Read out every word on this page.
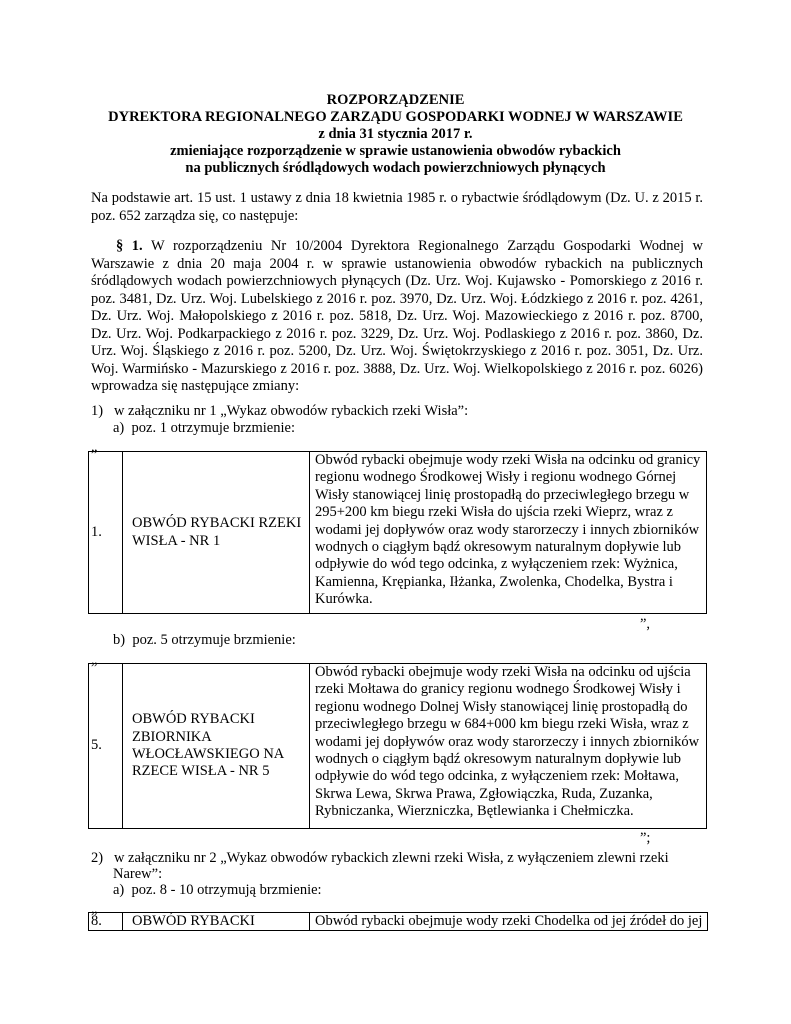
ROZPORZĄDZENIE
DYREKTORA REGIONALNEGO ZARZĄDU GOSPODARKI WODNEJ W WARSZAWIE
z dnia 31 stycznia 2017 r.
zmieniające rozporządzenie w sprawie ustanowienia obwodów rybackich
na publicznych śródlądowych wodach powierzchniowych płynących
Na podstawie art. 15 ust. 1 ustawy z dnia 18 kwietnia 1985 r. o rybactwie śródlądowym (Dz. U. z 2015 r. poz. 652 zarządza się, co następuje:
§ 1. W rozporządzeniu Nr 10/2004 Dyrektora Regionalnego Zarządu Gospodarki Wodnej w Warszawie z dnia 20 maja 2004 r. w sprawie ustanowienia obwodów rybackich na publicznych śródlądowych wodach powierzchniowych płynących (Dz. Urz. Woj. Kujawsko - Pomorskiego z 2016 r. poz. 3481, Dz. Urz. Woj. Lubelskiego z 2016 r. poz. 3970, Dz. Urz. Woj. Łódzkiego z 2016 r. poz. 4261, Dz. Urz. Woj. Małopolskiego z 2016 r. poz. 5818, Dz. Urz. Woj. Mazowieckiego z 2016 r. poz. 8700, Dz. Urz. Woj. Podkarpackiego z 2016 r. poz. 3229, Dz. Urz. Woj. Podlaskiego z 2016 r. poz. 3860, Dz. Urz. Woj. Śląskiego z 2016 r. poz. 5200, Dz. Urz. Woj. Świętokrzyskiego z 2016 r. poz. 3051, Dz. Urz. Woj. Warmińsko - Mazurskiego z 2016 r. poz. 3888, Dz. Urz. Woj. Wielkopolskiego z 2016 r. poz. 6026) wprowadza się następujące zmiany:
1)   w załączniku nr 1 „Wykaz obwodów rybackich rzeki Wisła”:
a)  poz. 1 otrzymuje brzmienie:
„
1.	OBWÓD RYBACKI RZEKI WISŁA - NR 1	Obwód rybacki obejmuje wody rzeki Wisła na odcinku od granicy regionu wodnego Środkowej Wisły i regionu wodnego Górnej Wisły stanowiącej linię prostopadłą do przeciwległego brzegu w 295+200 km biegu rzeki Wisła do ujścia rzeki Wieprz, wraz z wodami jej dopływów oraz wody starorzeczy i innych zbiorników wodnych o ciągłym bądź okresowym naturalnym dopływie lub odpływie do wód tego odcinka, z wyłączeniem rzek: Wyżnica, Kamienna, Krępianka, Iłżanka, Zwolenka, Chodelka, Bystra i Kurówka.
”,
b)  poz. 5 otrzymuje brzmienie:
„
5.	OBWÓD RYBACKI ZBIORNIKA WŁOCŁAWSKIEGO NA RZECE WISŁA - NR 5	Obwód rybacki obejmuje wody rzeki Wisła na odcinku od ujścia rzeki Mołtawa do granicy regionu wodnego Środkowej Wisły i regionu wodnego Dolnej Wisły stanowiącej linię prostopadłą do przeciwległego brzegu w 684+000 km biegu rzeki Wisła, wraz z wodami jej dopływów oraz wody starorzeczy i innych zbiorników wodnych o ciągłym bądź okresowym naturalnym dopływie lub odpływie do wód tego odcinka, z wyłączeniem rzek: Mołtawa, Skrwa Lewa, Skrwa Prawa, Zgłowiączka, Ruda, Zuzanka, Rybniczanka, Wierzniczka, Bętlewianka i Chełmiczka.
”;
2)   w załączniku nr 2 „Wykaz obwodów rybackich zlewni rzeki Wisła, z wyłączeniem zlewni rzeki
Narew”:
a)  poz. 8 - 10 otrzymują brzmienie:
„
8.	OBWÓD RYBACKI	Obwód rybacki obejmuje wody rzeki Chodelka od jej źródeł do jej
